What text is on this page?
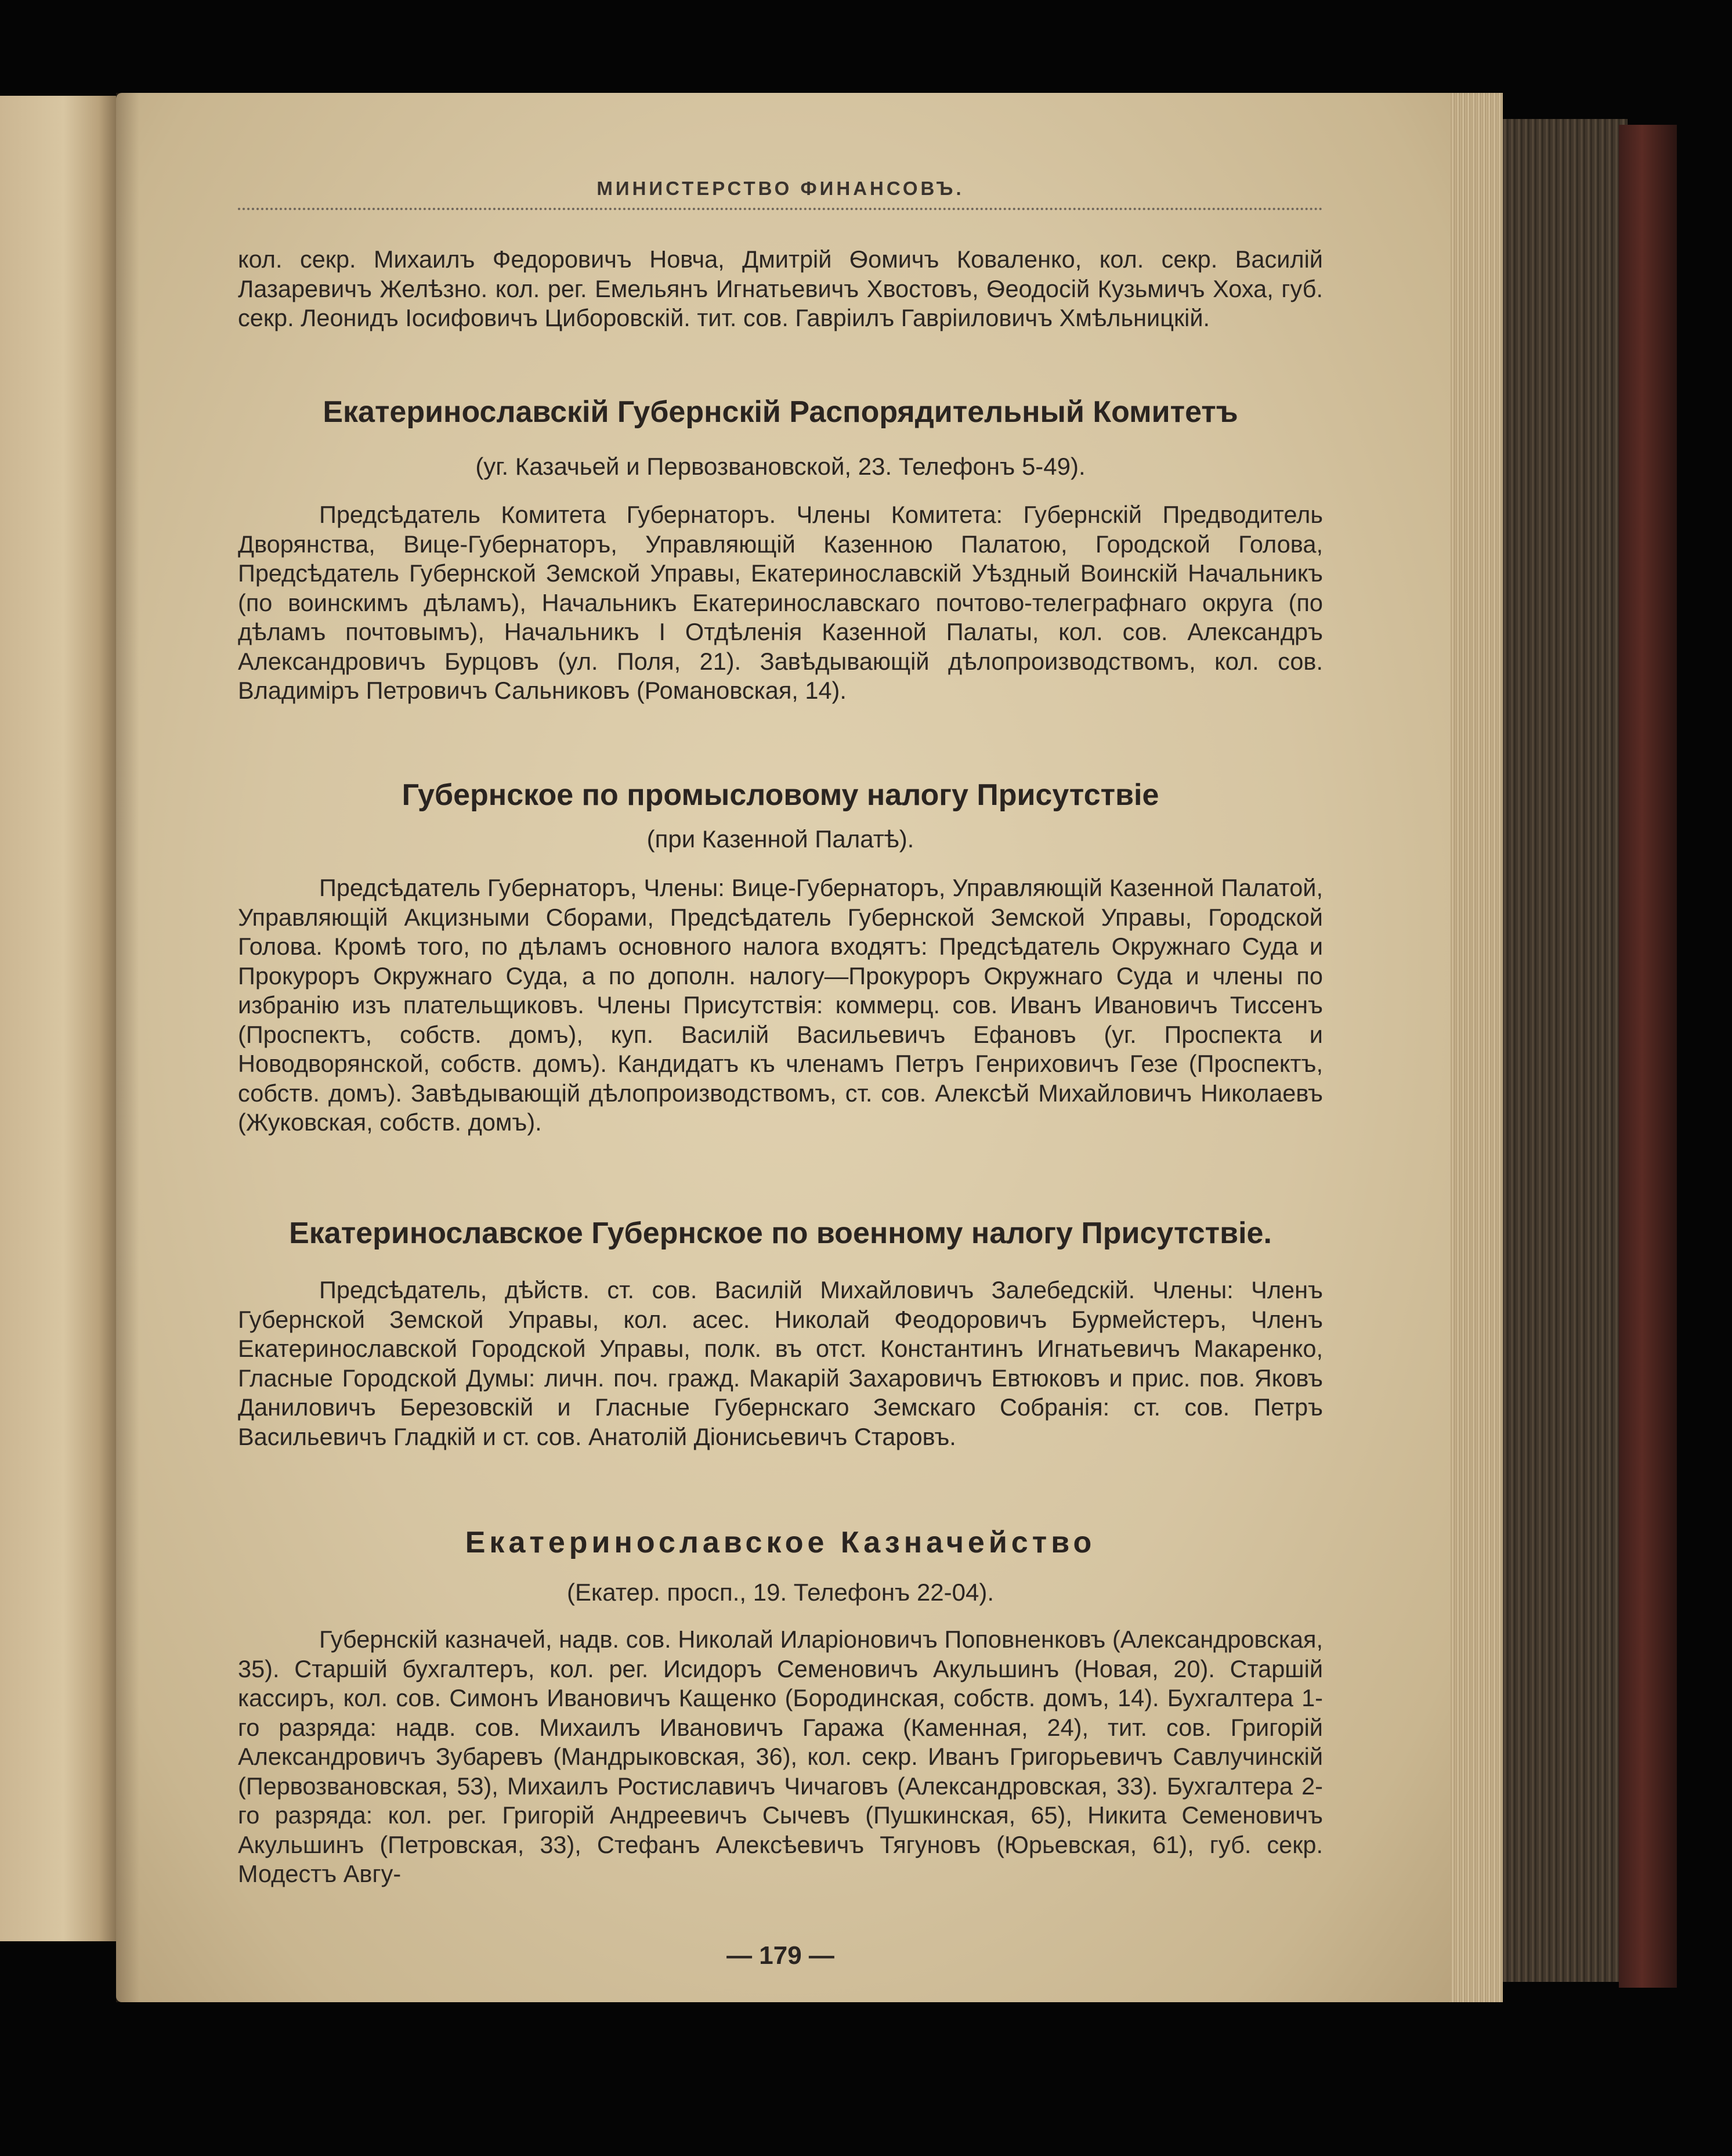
МИНИСТЕРСТВО ФИНАНСОВЪ.

кол. секр. Михаилъ Федоровичъ Новча, Дмитрій Ѳомичъ Коваленко, кол. секр. Василій Лазаревичъ Желѣзно. кол. рег. Емельянъ Игнатьевичъ Хвостовъ, Ѳеодосій Кузьмичъ Хоха, губ. секр. Леонидъ Іосифовичъ Циборовскій. тит. сов. Гавріилъ Гавріиловичъ Хмѣльницкій.

Екатеринославскій Губернскій Распорядительный Комитетъ

(уг. Казачьей и Первозвановской, 23. Телефонъ 5-49).

Предсѣдатель Комитета Губернаторъ. Члены Комитета: Губернскій Предводитель Дворянства, Вице-Губернаторъ, Управляющій Казенною Палатою, Городской Голова, Предсѣдатель Губернской Земской Управы, Екатеринославскій Уѣздный Воинскій Начальникъ (по воинскимъ дѣламъ), Начальникъ Екатеринославскаго почтово-телеграфнаго округа (по дѣламъ почтовымъ), Начальникъ I Отдѣленія Казенной Палаты, кол. сов. Александръ Александровичъ Бурцовъ (ул. Поля, 21). Завѣдывающій дѣлопроизводствомъ, кол. сов. Владиміръ Петровичъ Сальниковъ (Романовская, 14).

Губернское по промысловому налогу Присутствіе

(при Казенной Палатѣ).

Предсѣдатель Губернаторъ, Члены: Вице-Губернаторъ, Управляющій Казенной Палатой, Управляющій Акцизными Сборами, Предсѣдатель Губернской Земской Управы, Городской Голова. Кромѣ того, по дѣламъ основного налога входятъ: Предсѣдатель Окружнаго Суда и Прокуроръ Окружнаго Суда, а по дополн. налогу—Прокуроръ Окружнаго Суда и члены по избранію изъ плательщиковъ. Члены Присутствія: коммерц. сов. Иванъ Ивановичъ Тиссенъ (Проспектъ, собств. домъ), куп. Василій Васильевичъ Ефановъ (уг. Проспекта и Новодворянской, собств. домъ). Кандидатъ къ членамъ Петръ Генриховичъ Гезе (Проспектъ, собств. домъ). Завѣдывающій дѣлопроизводствомъ, ст. сов. Алексѣй Михайловичъ Николаевъ (Жуковская, собств. домъ).

Екатеринославское Губернское по военному налогу Присутствіе.

Предсѣдатель, дѣйств. ст. сов. Василій Михайловичъ Залебедскій. Члены: Членъ Губернской Земской Управы, кол. асес. Николай Феодоровичъ Бурмейстеръ, Членъ Екатеринославской Городской Управы, полк. въ отст. Константинъ Игнатьевичъ Макаренко, Гласные Городской Думы: личн. поч. гражд. Макарій Захаровичъ Евтюковъ и прис. пов. Яковъ Даниловичъ Березовскій и Гласные Губернскаго Земскаго Собранія: ст. сов. Петръ Васильевичъ Гладкій и ст. сов. Анатолій Діонисьевичъ Старовъ.

Екатеринославское Казначейство

(Екатер. просп., 19. Телефонъ 22-04).

Губернскій казначей, надв. сов. Николай Иларіоновичъ Поповненковъ (Александровская, 35). Старшій бухгалтеръ, кол. рег. Исидоръ Семеновичъ Акульшинъ (Новая, 20). Старшій кассиръ, кол. сов. Симонъ Ивановичъ Кащенко (Бородинская, собств. домъ, 14). Бухгалтера 1-го разряда: надв. сов. Михаилъ Ивановичъ Гаража (Каменная, 24), тит. сов. Григорій Александровичъ Зубаревъ (Мандрыковская, 36), кол. секр. Иванъ Григорьевичъ Савлучинскій (Первозвановская, 53), Михаилъ Ростиславичъ Чичаговъ (Александровская, 33). Бухгалтера 2-го разряда: кол. рег. Григорій Андреевичъ Сычевъ (Пушкинская, 65), Никита Семеновичъ Акульшинъ (Петровская, 33), Стефанъ Алексѣевичъ Тягуновъ (Юрьевская, 61), губ. секр. Модестъ Авгу-

— 179 —
